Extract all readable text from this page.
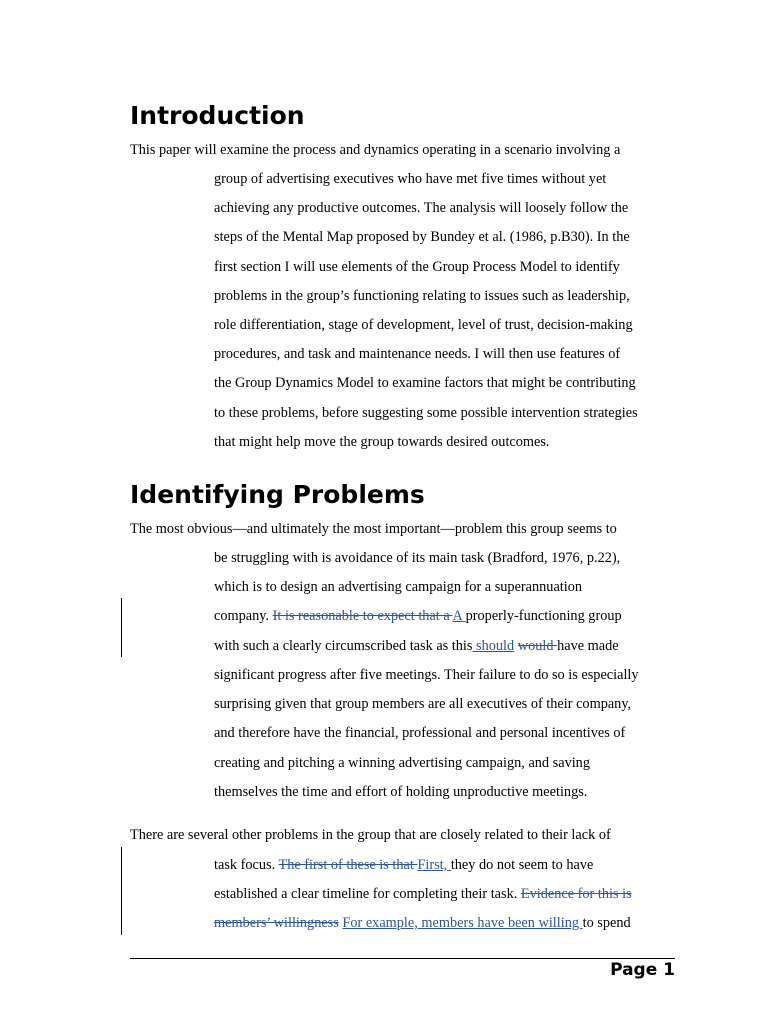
Introduction
This paper will examine the process and dynamics operating in a scenario involving a
group of advertising executives who have met five times without yet
achieving any productive outcomes. The analysis will loosely follow the
steps of the Mental Map proposed by Bundey et al. (1986, p.B30). In the
first section I will use elements of the Group Process Model to identify
problems in the group’s functioning relating to issues such as leadership,
role differentiation, stage of development, level of trust, decision-making
procedures, and task and maintenance needs. I will then use features of
the Group Dynamics Model to examine factors that might be contributing
to these problems, before suggesting some possible intervention strategies
that might help move the group towards desired outcomes.
Identifying Problems
The most obvious—and ultimately the most important—problem this group seems to
be struggling with is avoidance of its main task (Bradford, 1976, p.22),
which is to design an advertising campaign for a superannuation
company. It is reasonable to expect that a A properly-functioning group
with such a clearly circumscribed task as this should would have made
significant progress after five meetings. Their failure to do so is especially
surprising given that group members are all executives of their company,
and therefore have the financial, professional and personal incentives of
creating and pitching a winning advertising campaign, and saving
themselves the time and effort of holding unproductive meetings.
There are several other problems in the group that are closely related to their lack of
task focus. The first of these is that First, they do not seem to have
established a clear timeline for completing their task. Evidence for this is
members’ willingness For example, members have been willing to spend
Page 1
